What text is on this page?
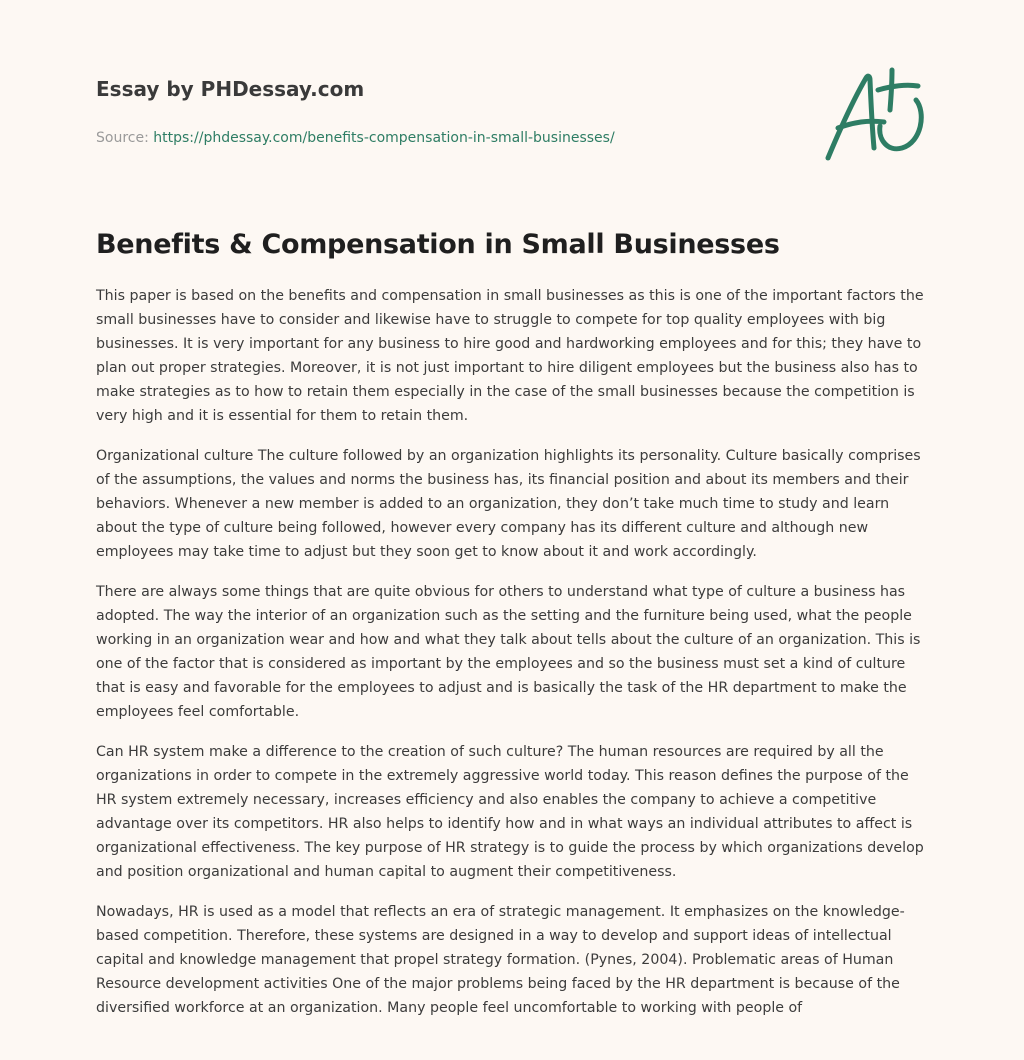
Essay by PHDessay.com
Source: https://phdessay.com/benefits-compensation-in-small-businesses/
Benefits & Compensation in Small Businesses

This paper is based on the benefits and compensation in small businesses as this is one of the important factors the small businesses have to consider and likewise have to struggle to compete for top quality employees with big businesses. It is very important for any business to hire good and hardworking employees and for this; they have to plan out proper strategies. Moreover, it is not just important to hire diligent employees but the business also has to make strategies as to how to retain them especially in the case of the small businesses because the competition is very high and it is essential for them to retain them.

Organizational culture The culture followed by an organization highlights its personality. Culture basically comprises of the assumptions, the values and norms the business has, its financial position and about its members and their behaviors. Whenever a new member is added to an organization, they don’t take much time to study and learn about the type of culture being followed, however every company has its different culture and although new employees may take time to adjust but they soon get to know about it and work accordingly.

There are always some things that are quite obvious for others to understand what type of culture a business has adopted. The way the interior of an organization such as the setting and the furniture being used, what the people working in an organization wear and how and what they talk about tells about the culture of an organization. This is one of the factor that is considered as important by the employees and so the business must set a kind of culture that is easy and favorable for the employees to adjust and is basically the task of the HR department to make the employees feel comfortable.

Can HR system make a difference to the creation of such culture? The human resources are required by all the organizations in order to compete in the extremely aggressive world today. This reason defines the purpose of the HR system extremely necessary, increases efficiency and also enables the company to achieve a competitive advantage over its competitors. HR also helps to identify how and in what ways an individual attributes to affect is organizational effectiveness. The key purpose of HR strategy is to guide the process by which organizations develop and position organizational and human capital to augment their competitiveness.

Nowadays, HR is used as a model that reflects an era of strategic management. It emphasizes on the knowledge-based competition. Therefore, these systems are designed in a way to develop and support ideas of intellectual capital and knowledge management that propel strategy formation. (Pynes, 2004). Problematic areas of Human Resource development activities One of the major problems being faced by the HR department is because of the diversified workforce at an organization. Many people feel uncomfortable to working with people of
